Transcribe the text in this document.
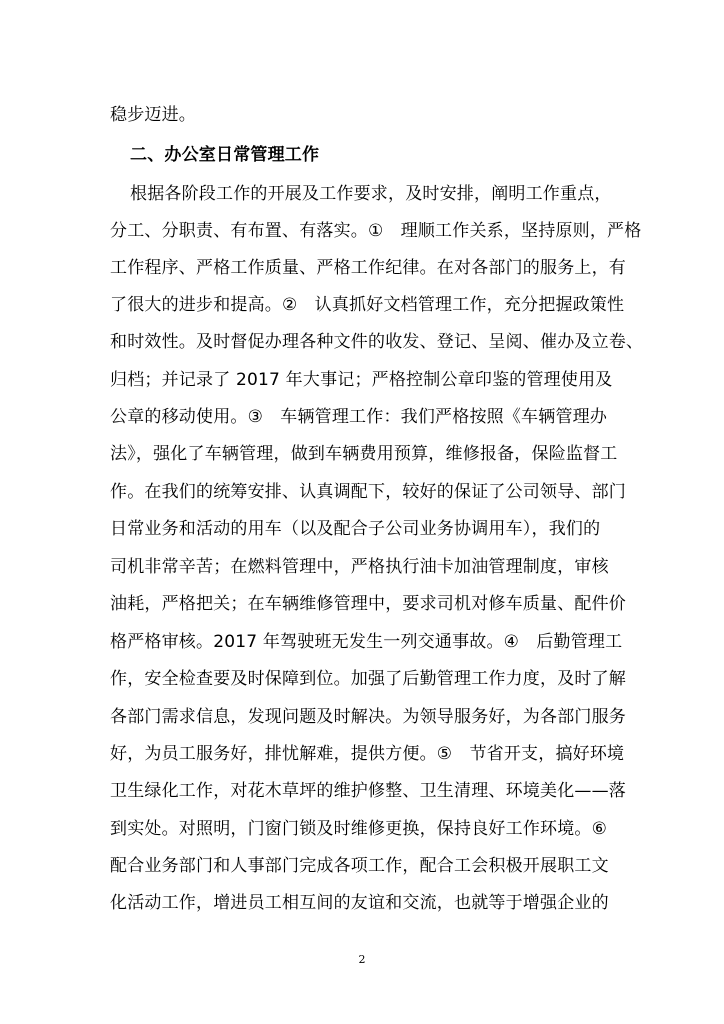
稳步迈进。
二、办公室日常管理工作
根据各阶段工作的开展及工作要求，及时安排，阐明工作重点，
分工、分职责、有布置、有落实。①　理顺工作关系，坚持原则，严格
工作程序、严格工作质量、严格工作纪律。在对各部门的服务上，有
了很大的进步和提高。②　认真抓好文档管理工作，充分把握政策性
和时效性。及时督促办理各种文件的收发、登记、呈阅、催办及立卷、
归档；并记录了 2017 年大事记；严格控制公章印鉴的管理使用及
公章的移动使用。③　车辆管理工作：我们严格按照《车辆管理办
法》，强化了车辆管理，做到车辆费用预算，维修报备，保险监督工
作。在我们的统筹安排、认真调配下，较好的保证了公司领导、部门
日常业务和活动的用车（以及配合子公司业务协调用车），我们的
司机非常辛苦；在燃料管理中，严格执行油卡加油管理制度，审核
油耗，严格把关；在车辆维修管理中，要求司机对修车质量、配件价
格严格审核。2017 年驾驶班无发生一列交通事故。④　后勤管理工
作，安全检查要及时保障到位。加强了后勤管理工作力度，及时了解
各部门需求信息，发现问题及时解决。为领导服务好，为各部门服务
好，为员工服务好，排忧解难，提供方便。⑤　节省开支，搞好环境
卫生绿化工作，对花木草坪的维护修整、卫生清理、环境美化——落
到实处。对照明，门窗门锁及时维修更换，保持良好工作环境。⑥
配合业务部门和人事部门完成各项工作，配合工会积极开展职工文
化活动工作，增进员工相互间的友谊和交流，也就等于增强企业的
2
